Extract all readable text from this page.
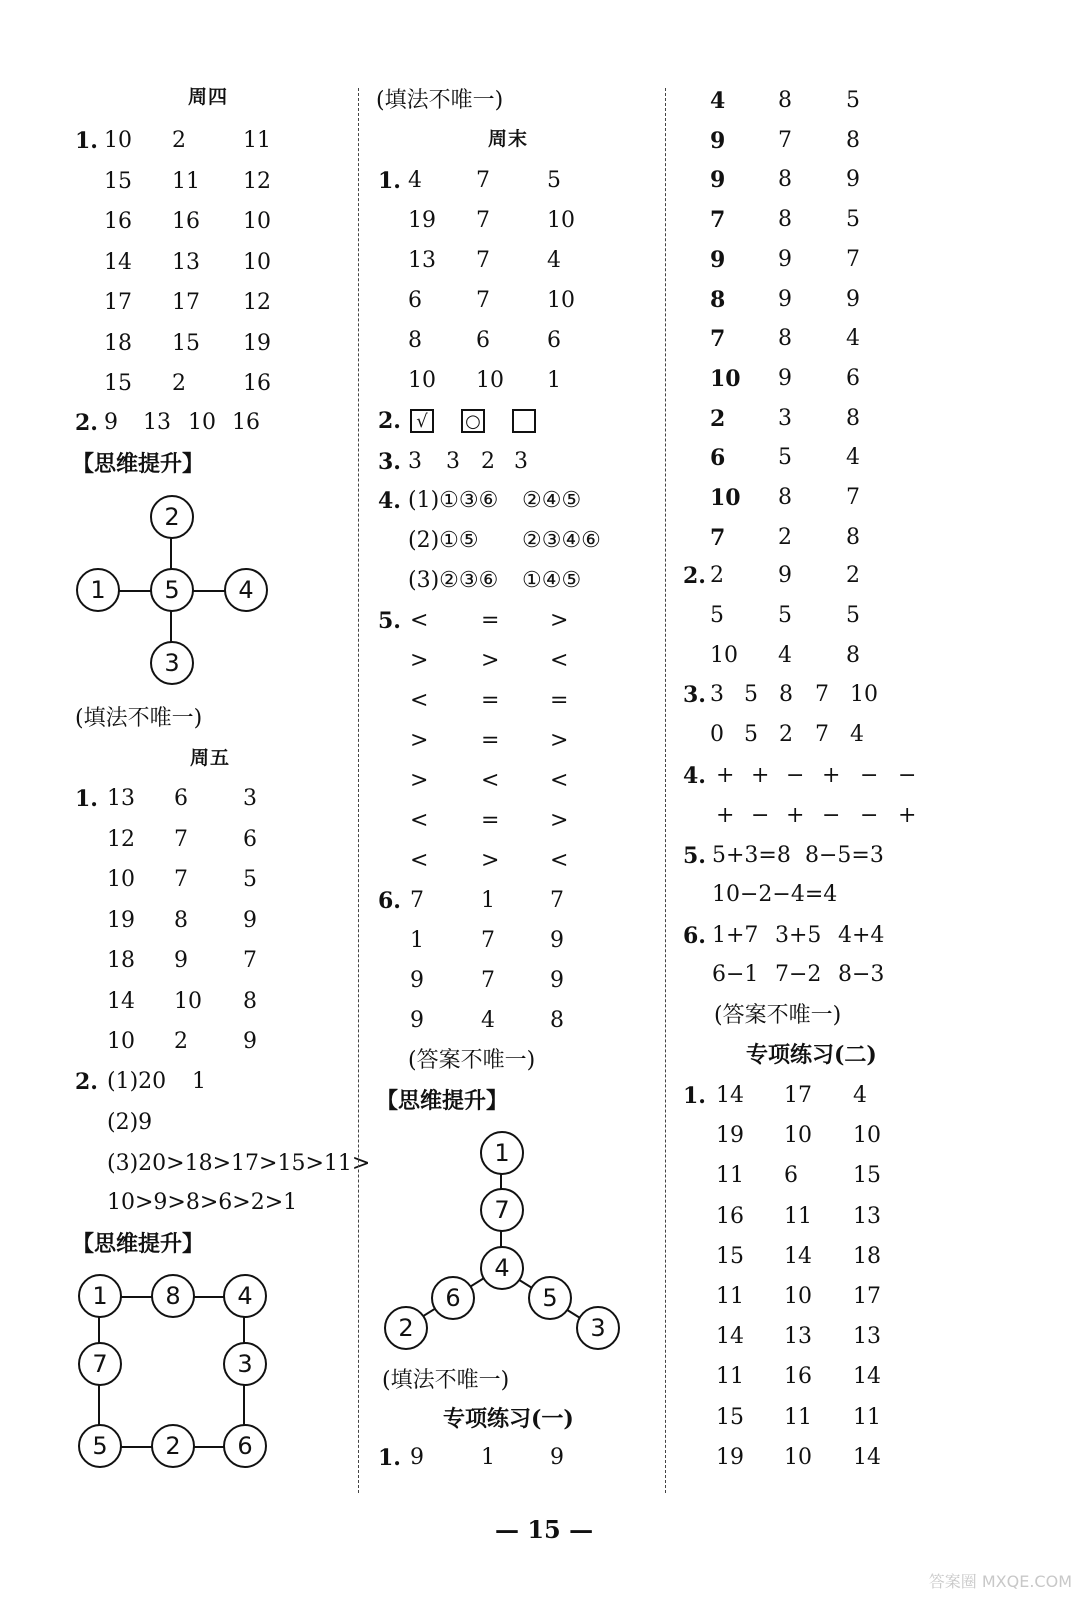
周四
1. 10 2	11
15 11 12
16 16 10
14 13 10
17 17 12
18 15 19
15 2	16
2. 9 13 10 16
【思维提升】
2
1	5	4
3
(填法不唯一)
周五
1. 13 6	3
12 7	6
10 7	5
19 8	9
18 9	7
14 10 8
10 2	9
2. (1)20 1
(2)9
(3)20>18>17>15>11>
10>9>8>6>2>1
【思维提升】
1	8	4
7	3
5	2	6
(填法不唯一)
周末
1. 4 7	5
19 7	10
13 7	4
6 7	10
8 6	6
10 10 1
2. √	○
3. 3 3 2 3
4. (1)①③⑥ ②④⑤
(2)①⑤ ②③④⑥
(3)②③⑥ ①④⑤
5. < = >
> > <
< = =
> = >
> < <
< = >
< > <
6. 7	1	7
1	7	9
9	7	9
9	4	8
(答案不唯一)
【思维提升】
1
7
4
6	5
2	3
(填法不唯一)
专项练习(一)
1. 9	1	9
4 8 5
9 7 8
9 8 9
7 8 5
9 9 7
8 9 9
7 8 4
10 9 6
2 3 8
6 5 4
10 8 7
7 2 8
2. 2 9 2
5 5 5
10 4 8
3. 3 5 8 7 10
0 5 2 7 4
4. + + − + − −
+ − + − − +
5. 5+3=8 8−5=3
10−2−4=4
6. 1+7 3+5 4+4
6−1 7−2 8−3
(答案不唯一)
专项练习(二)
1. 14 17 4
19 10 10
11 6	15
16 11 13
15 14 18
11 10 17
14 13 13
11 16 14
15 11 11
19 10 14
— 15 —
答案圈 MXQE.COM
